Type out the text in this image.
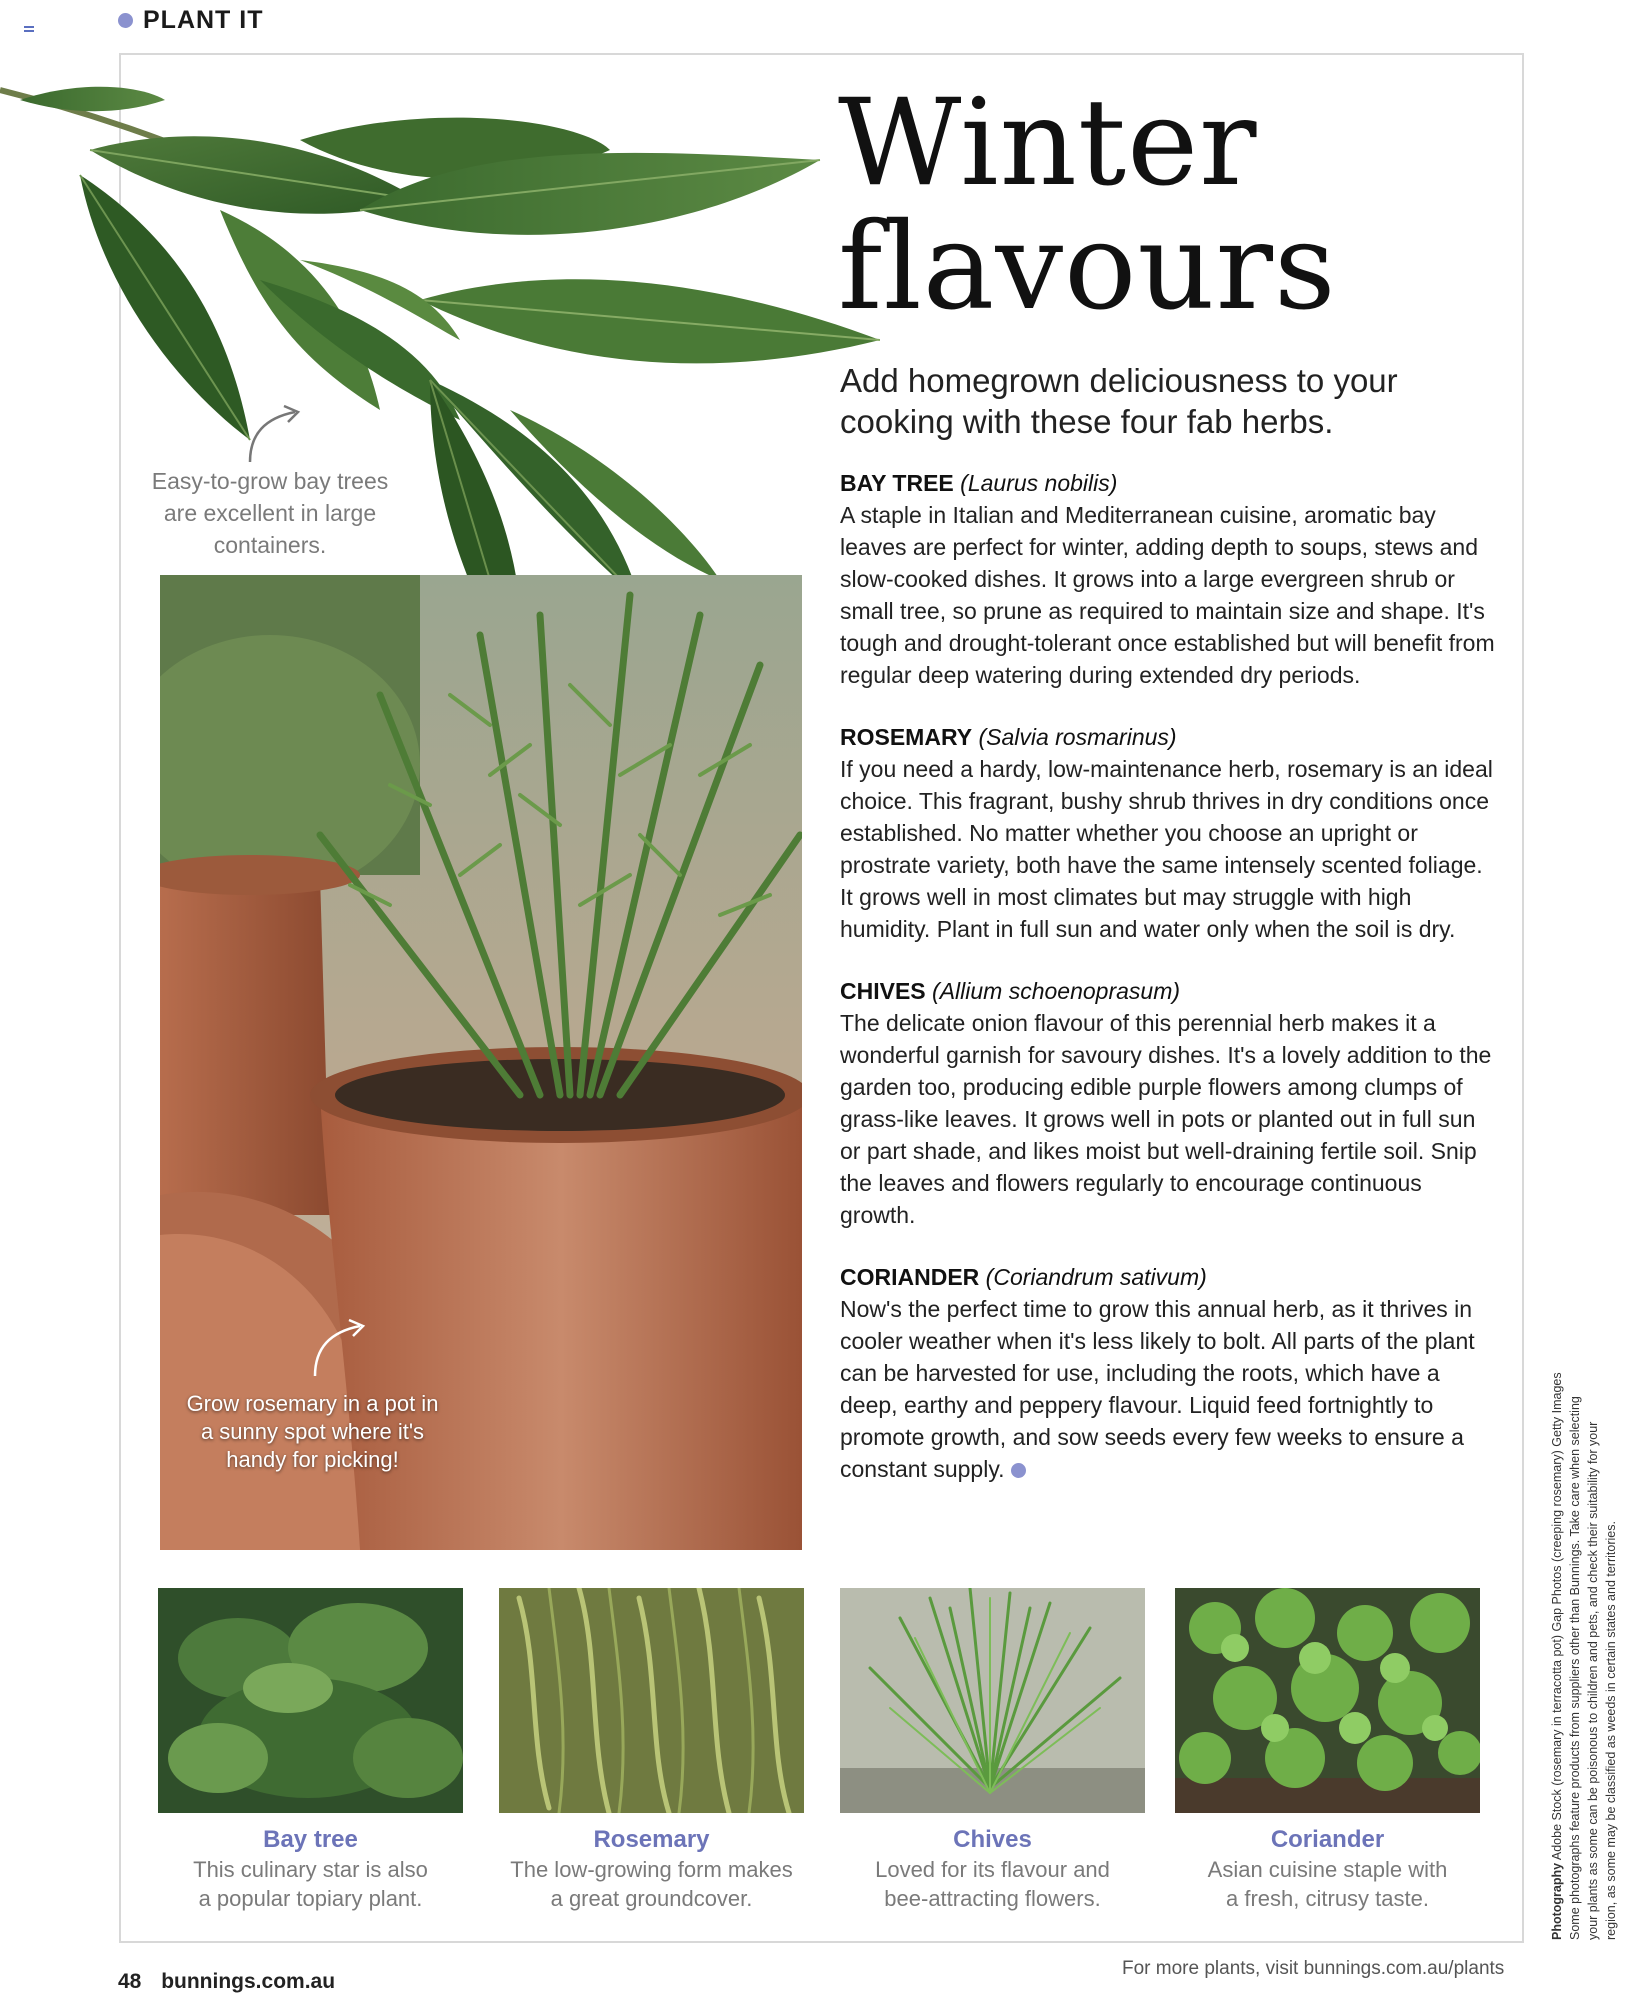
PLANT IT
Winter
flavours
Add homegrown deliciousness to your cooking with these four fab herbs.
Easy-to-grow bay trees are excellent in large containers.
Grow rosemary in a pot in a sunny spot where it's handy for picking!
BAY TREE (Laurus nobilis)
A staple in Italian and Mediterranean cuisine, aromatic bay leaves are perfect for winter, adding depth to soups, stews and slow-cooked dishes. It grows into a large evergreen shrub or small tree, so prune as required to maintain size and shape. It's tough and drought-tolerant once established but will benefit from regular deep watering during extended dry periods.
ROSEMARY (Salvia rosmarinus)
If you need a hardy, low-maintenance herb, rosemary is an ideal choice. This fragrant, bushy shrub thrives in dry conditions once established. No matter whether you choose an upright or prostrate variety, both have the same intensely scented foliage. It grows well in most climates but may struggle with high humidity. Plant in full sun and water only when the soil is dry.
CHIVES (Allium schoenoprasum)
The delicate onion flavour of this perennial herb makes it a wonderful garnish for savoury dishes. It's a lovely addition to the garden too, producing edible purple flowers among clumps of grass-like leaves. It grows well in pots or planted out in full sun or part shade, and likes moist but well-draining fertile soil. Snip the leaves and flowers regularly to encourage continuous growth.
CORIANDER (Coriandrum sativum)
Now's the perfect time to grow this annual herb, as it thrives in cooler weather when it's less likely to bolt. All parts of the plant can be harvested for use, including the roots, which have a deep, earthy and peppery flavour. Liquid feed fortnightly to promote growth, and sow seeds every few weeks to ensure a constant supply.
Bay tree
This culinary star is also
a popular topiary plant.
Rosemary
The low-growing form makes
a great groundcover.
Chives
Loved for its flavour and
bee-attracting flowers.
Coriander
Asian cuisine staple with
a fresh, citrusy taste.	Photography Adobe Stock (rosemary in terracotta pot) Gap Photos (creeping rosemary) Getty Images Some photographs feature products from suppliers other than Bunnings. Take care when selecting your plants as some can be poisonous to children and pets, and check their suitability for your region, as some may be classified as weeds in certain states and territories.
48 bunnings.com.au
For more plants, visit bunnings.com.au/plants
